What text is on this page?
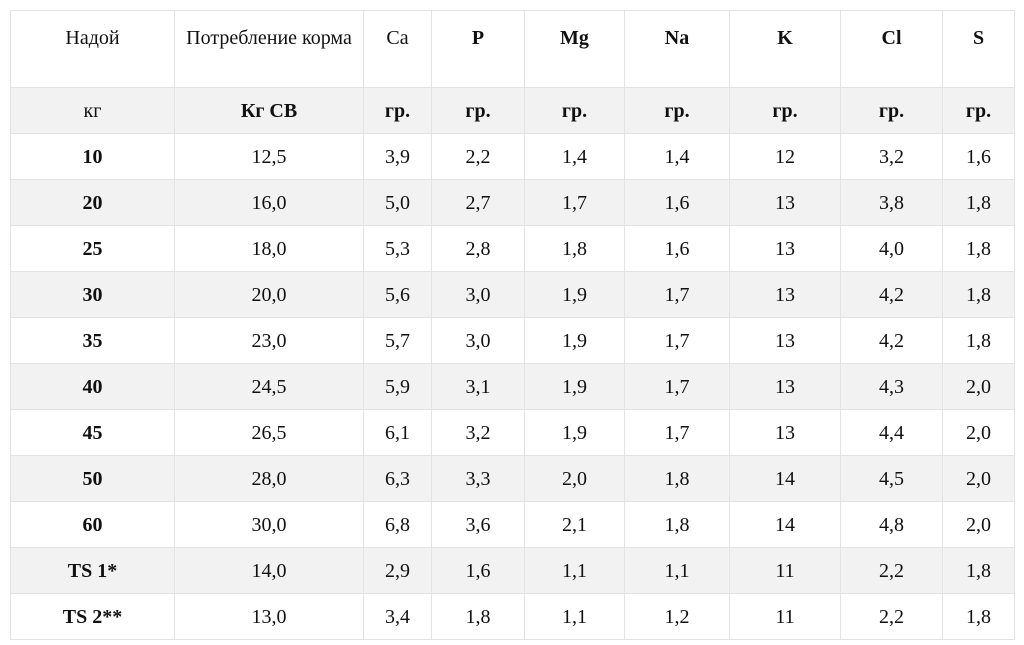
Надой	Потребление корма	Ca	P	Mg	Na	K	Cl	S
кг	Кг СВ	гр.	гр.	гр.	гр.	гр.	гр.	гр.
10	12,5	3,9	2,2	1,4	1,4	12	3,2	1,6
20	16,0	5,0	2,7	1,7	1,6	13	3,8	1,8
25	18,0	5,3	2,8	1,8	1,6	13	4,0	1,8
30	20,0	5,6	3,0	1,9	1,7	13	4,2	1,8
35	23,0	5,7	3,0	1,9	1,7	13	4,2	1,8
40	24,5	5,9	3,1	1,9	1,7	13	4,3	2,0
45	26,5	6,1	3,2	1,9	1,7	13	4,4	2,0
50	28,0	6,3	3,3	2,0	1,8	14	4,5	2,0
60	30,0	6,8	3,6	2,1	1,8	14	4,8	2,0
TS 1*	14,0	2,9	1,6	1,1	1,1	11	2,2	1,8
TS 2**	13,0	3,4	1,8	1,1	1,2	11	2,2	1,8
